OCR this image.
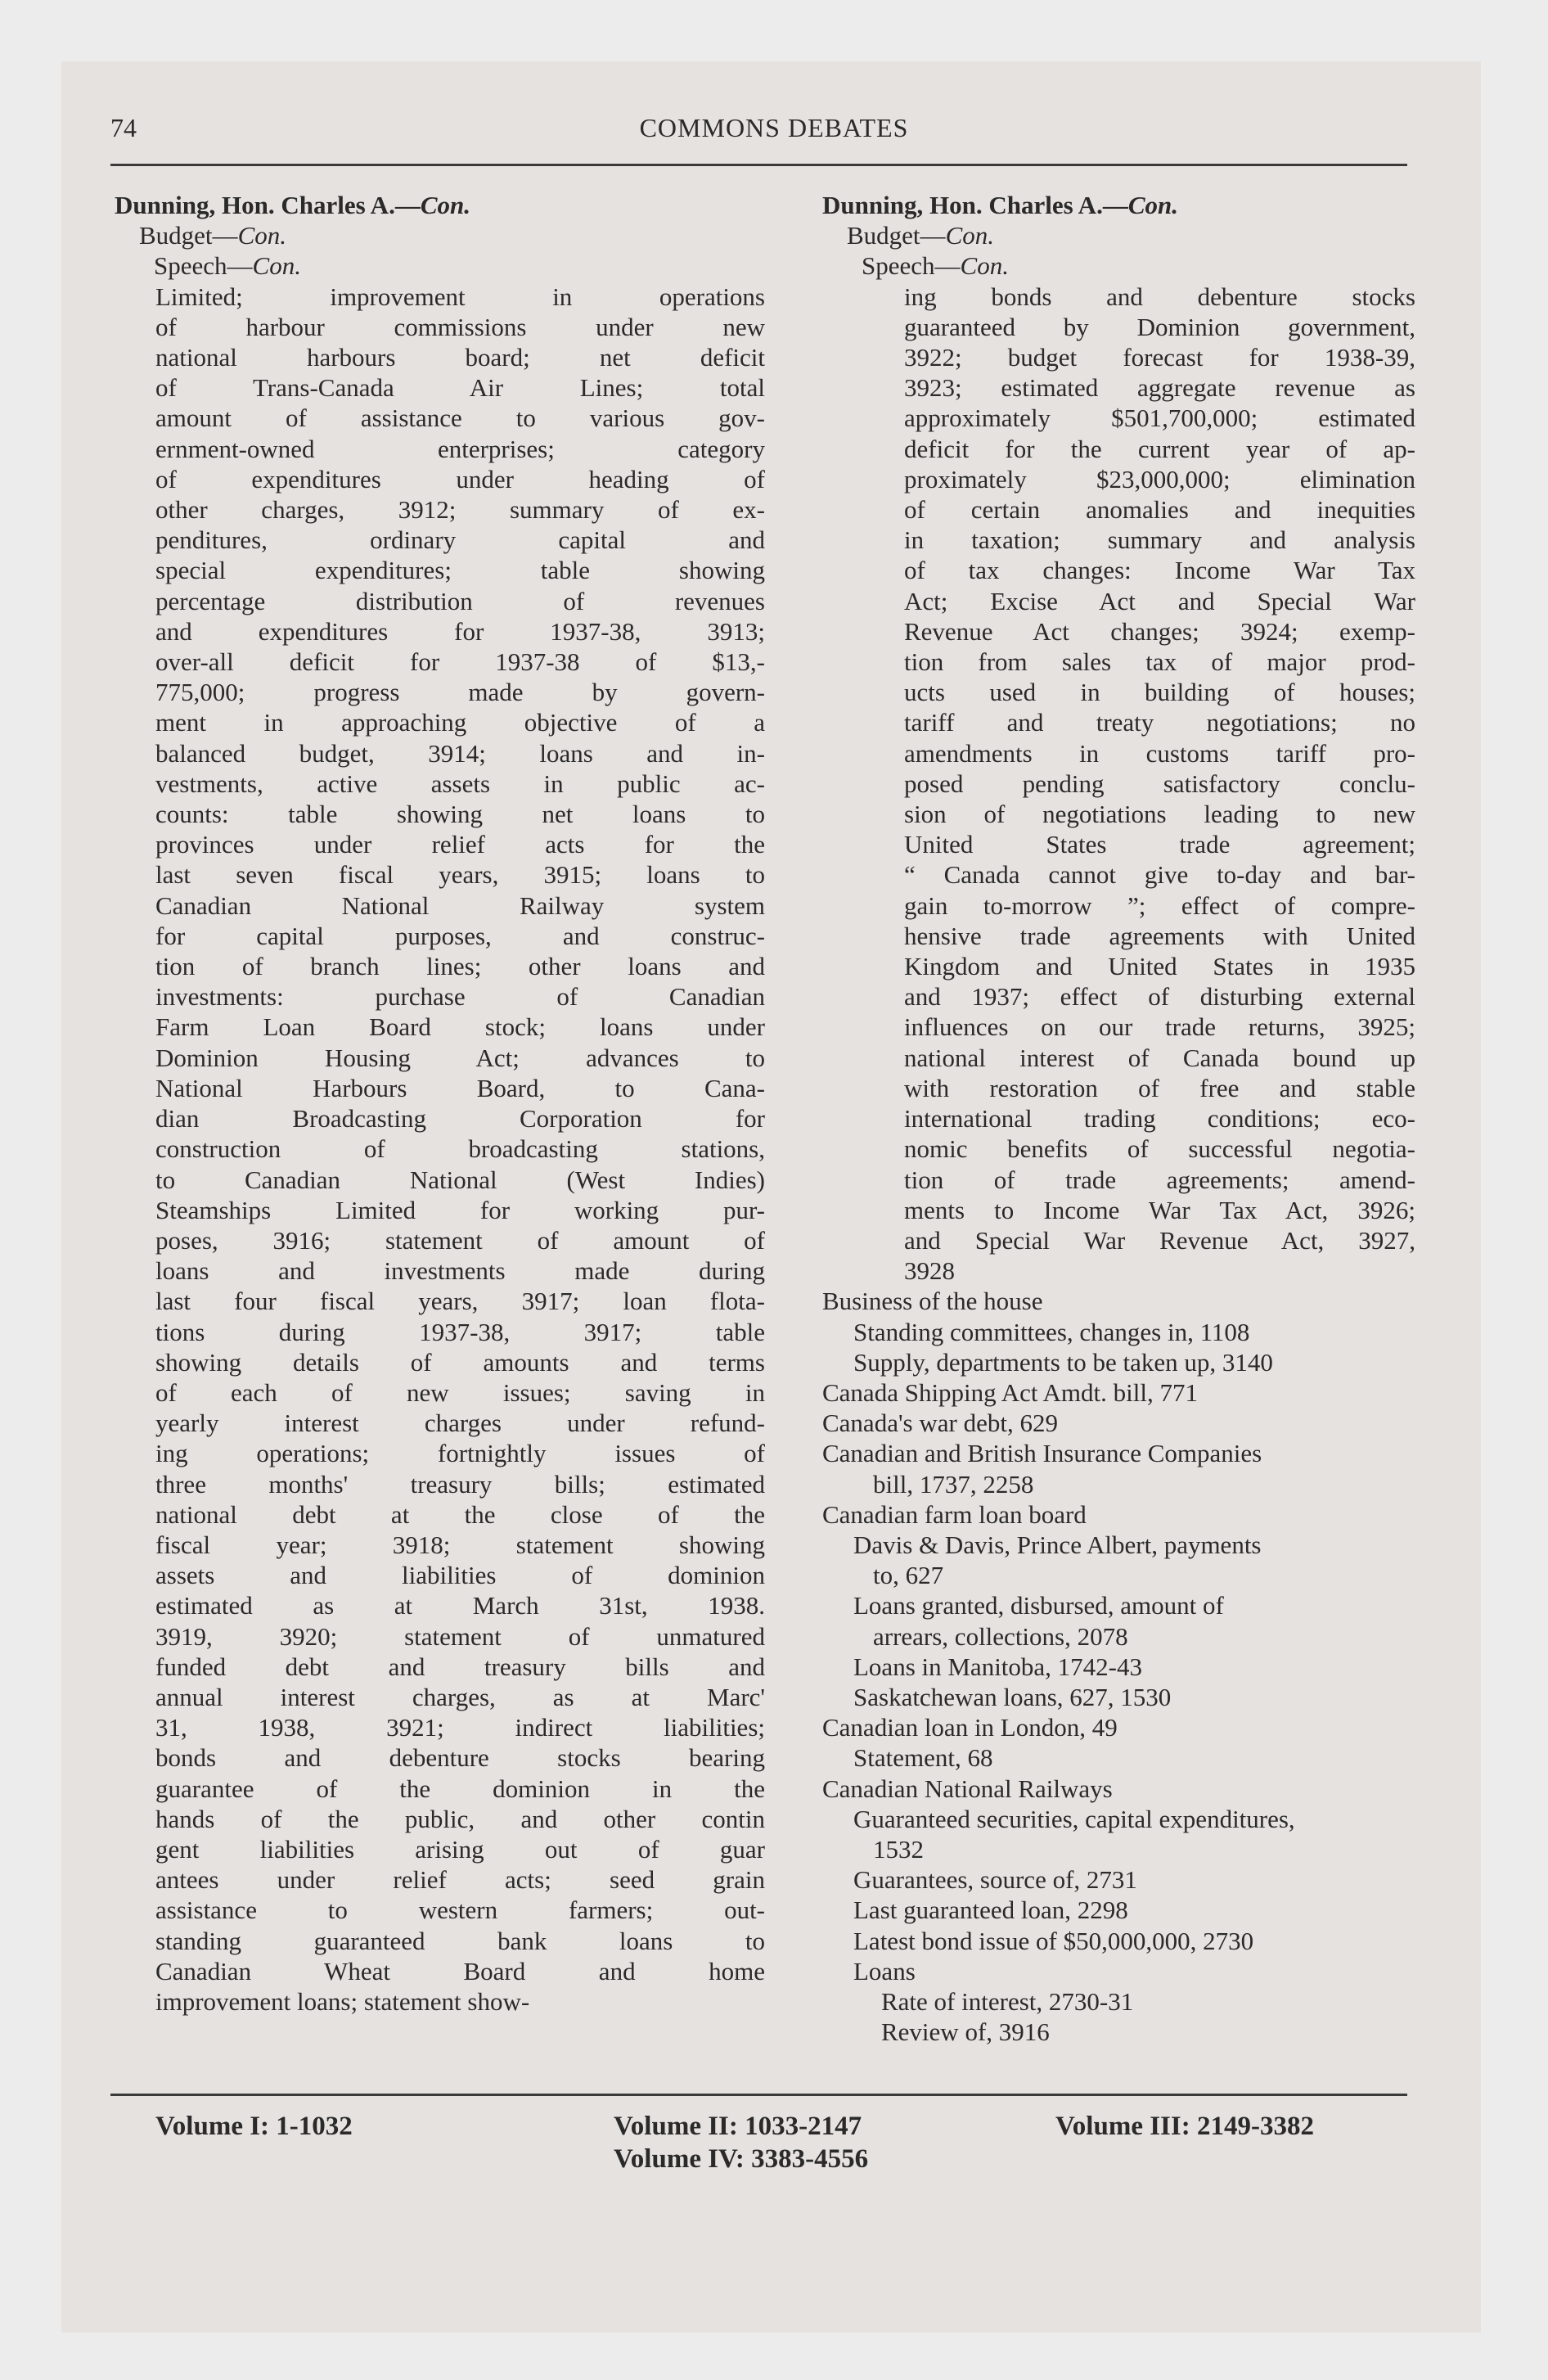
74	COMMONS DEBATES
Dunning, Hon. Charles A.—Con.
Budget—Con.
Speech—Con.
Limited; improvement in operations
of harbour commissions under new
national harbours board; net deficit
of Trans-Canada Air Lines; total
amount of assistance to various gov-
ernment-owned enterprises; category
of expenditures under heading of
other charges, 3912; summary of ex-
penditures, ordinary capital and
special expenditures; table showing
percentage distribution of revenues
and expenditures for 1937-38, 3913;
over-all deficit for 1937-38 of $13,-
775,000; progress made by govern-
ment in approaching objective of a
balanced budget, 3914; loans and in-
vestments, active assets in public ac-
counts: table showing net loans to
provinces under relief acts for the
last seven fiscal years, 3915; loans to
Canadian National Railway system
for capital purposes, and construc-
tion of branch lines; other loans and
investments: purchase of Canadian
Farm Loan Board stock; loans under
Dominion Housing Act; advances to
National Harbours Board, to Cana-
dian Broadcasting Corporation for
construction of broadcasting stations,
to Canadian National (West Indies)
Steamships Limited for working pur-
poses, 3916; statement of amount of
loans and investments made during
last four fiscal years, 3917; loan flota-
tions during 1937-38, 3917; table
showing details of amounts and terms
of each of new issues; saving in
yearly interest charges under refund-
ing operations; fortnightly issues of
three months' treasury bills; estimated
national debt at the close of the
fiscal year; 3918; statement showing
assets and liabilities of dominion
estimated as at March 31st, 1938.
3919, 3920; statement of unmatured
funded debt and treasury bills and
annual interest charges, as at Marc'
31, 1938, 3921; indirect liabilities;
bonds and debenture stocks bearing
guarantee of the dominion in the
hands of the public, and other contin
gent liabilities arising out of guar
antees under relief acts; seed grain
assistance to western farmers; out-
standing guaranteed bank loans to
Canadian Wheat Board and home
improvement loans; statement show-
Dunning, Hon. Charles A.—Con.
Budget—Con.
Speech—Con.
ing bonds and debenture stocks
guaranteed by Dominion government,
3922; budget forecast for 1938-39,
3923; estimated aggregate revenue as
approximately $501,700,000; estimated
deficit for the current year of ap-
proximately $23,000,000; elimination
of certain anomalies and inequities
in taxation; summary and analysis
of tax changes: Income War Tax
Act; Excise Act and Special War
Revenue Act changes; 3924; exemp-
tion from sales tax of major prod-
ucts used in building of houses;
tariff and treaty negotiations; no
amendments in customs tariff pro-
posed pending satisfactory conclu-
sion of negotiations leading to new
United States trade agreement;
“ Canada cannot give to-day and bar-
gain to-morrow ”; effect of compre-
hensive trade agreements with United
Kingdom and United States in 1935
and 1937; effect of disturbing external
influences on our trade returns, 3925;
national interest of Canada bound up
with restoration of free and stable
international trading conditions; eco-
nomic benefits of successful negotia-
tion of trade agreements; amend-
ments to Income War Tax Act, 3926;
and Special War Revenue Act, 3927,
3928
Business of the house
Standing committees, changes in, 1108
Supply, departments to be taken up, 3140
Canada Shipping Act Amdt. bill, 771
Canada's war debt, 629
Canadian and British Insurance Companies
bill, 1737, 2258
Canadian farm loan board
Davis & Davis, Prince Albert, payments
to, 627
Loans granted, disbursed, amount of
arrears, collections, 2078
Loans in Manitoba, 1742-43
Saskatchewan loans, 627, 1530
Canadian loan in London, 49
Statement, 68
Canadian National Railways
Guaranteed securities, capital expenditures,
1532
Guarantees, source of, 2731
Last guaranteed loan, 2298
Latest bond issue of $50,000,000, 2730
Loans
Rate of interest, 2730-31
Review of, 3916
Volume I: 1-1032	Volume II: 1033-2147
Volume IV: 3383-4556
Volume III: 2149-3382
